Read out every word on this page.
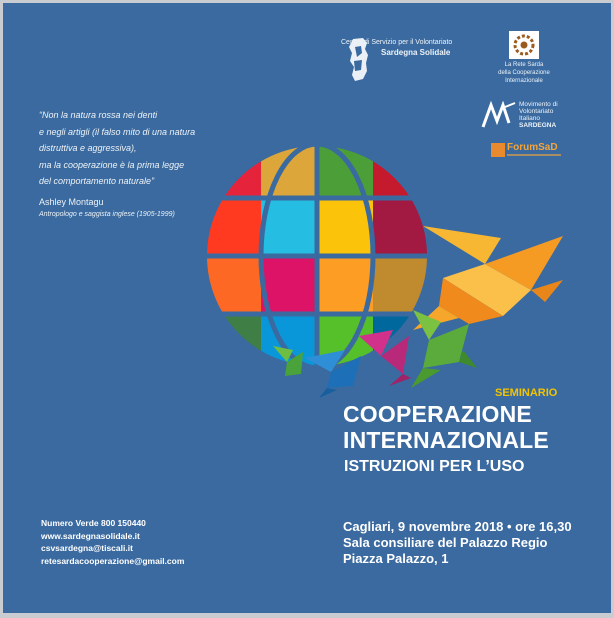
Centro di Servizio per il Volontariato
Sardegna Solidale
La Rete Sarda
della Cooperazione
Internazionale
Movimento di
Volontariato
Italiano
SARDEGNA
ForumSaD
“Non la natura rossa nei denti
e negli artigli (il falso mito di una natura
distruttiva e aggressiva),
ma la cooperazione è la prima legge
del comportamento naturale”
Ashley Montagu
Antropologo e saggista inglese (1905-1999)
SEMINARIO
COOPERAZIONE
INTERNAZIONALE
ISTRUZIONI PER L’USO
Numero Verde 800 150440
www.sardegnasolidale.it
csvsardegna@tiscali.it
retesardacooperazione@gmail.com
Cagliari, 9 novembre 2018 • ore 16,30
Sala consiliare del Palazzo Regio
Piazza Palazzo, 1
